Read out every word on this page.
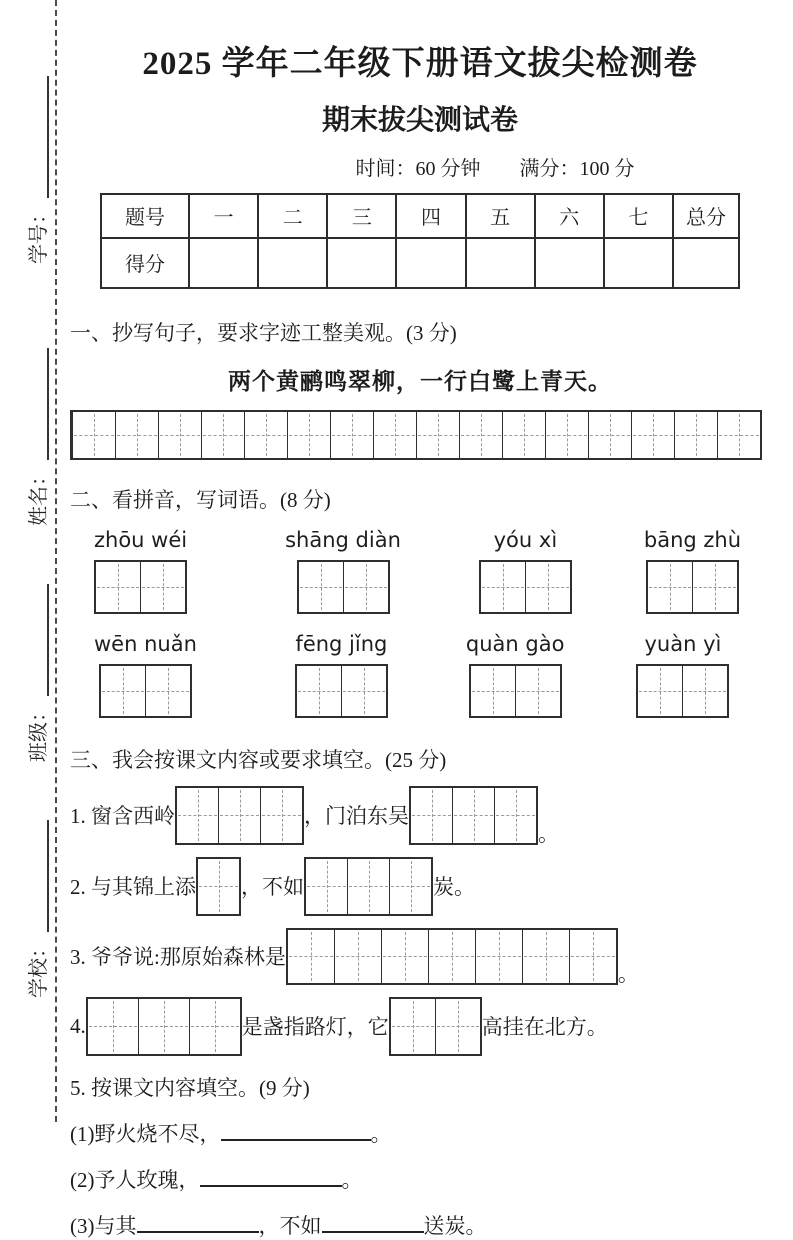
学校：
班级：
姓名：
学号：
2025 学年二年级下册语文拔尖检测卷
期末拔尖测试卷
时间：60 分钟 满分：100 分
题号	一	二	三	四	五	六	七	总分
得分								
一、抄写句子，要求字迹工整美观。(3 分)
两个黄鹂鸣翠柳，一行白鹭上青天。
二、看拼音，写词语。(8 分)
zhōu wéi	shāng diàn	yóu xì	bāng zhù
wēn nuǎn	fēng jǐng	quàn gào	yuàn yì
三、我会按课文内容或要求填空。(25 分)
1. 窗含西岭	，门泊东吴
。
2. 与其锦上添 ，不如	炭。
3. 爷爷说:那原始森林是
。
4.	是盏指路灯，它	高挂在北方。
5. 按课文内容填空。(9 分)
(1)野火烧不尽，	。
(2)予人玫瑰，	。
(3)与其	，不如	送炭。
